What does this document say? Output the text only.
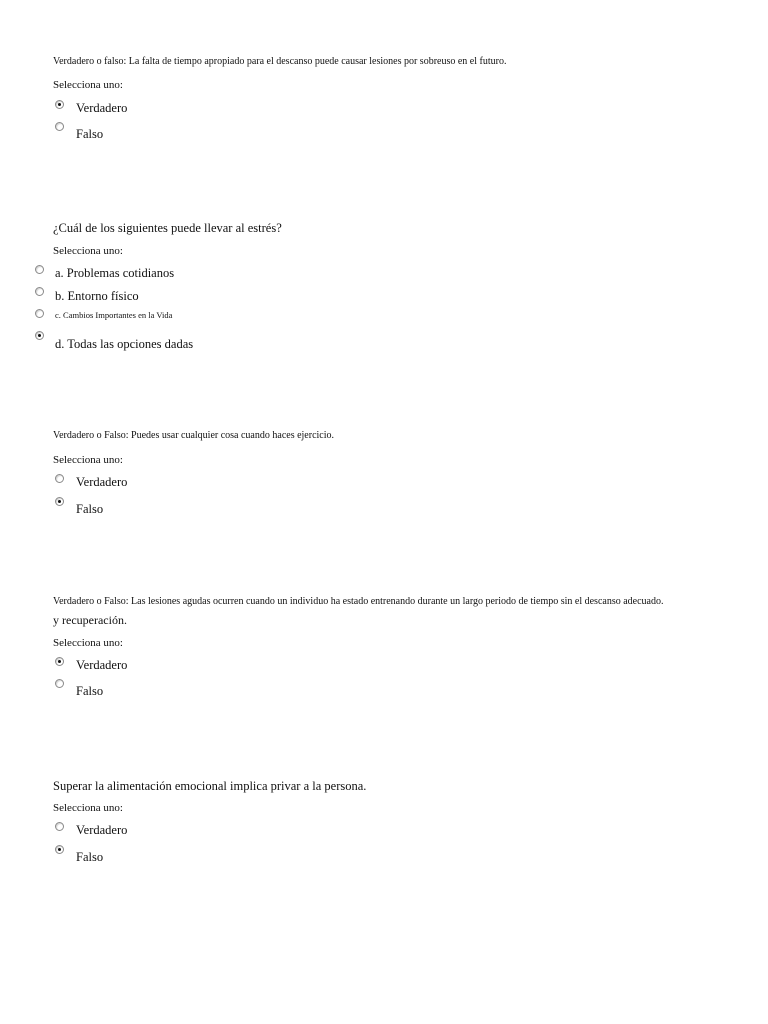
Verdadero o falso: La falta de tiempo apropiado para el descanso puede causar lesiones por sobreuso en el futuro.
Selecciona uno:
Verdadero
Falso
¿Cuál de los siguientes puede llevar al estrés?
Selecciona uno:
a. Problemas cotidianos
b. Entorno físico
c. Cambios Importantes en la Vida
d. Todas las opciones dadas
Verdadero o Falso: Puedes usar cualquier cosa cuando haces ejercicio.
Selecciona uno:
Verdadero
Falso
Verdadero o Falso: Las lesiones agudas ocurren cuando un individuo ha estado entrenando durante un largo periodo de tiempo sin el descanso adecuado.
y recuperación.
Selecciona uno:
Verdadero
Falso
Superar la alimentación emocional implica privar a la persona.
Selecciona uno:
Verdadero
Falso
